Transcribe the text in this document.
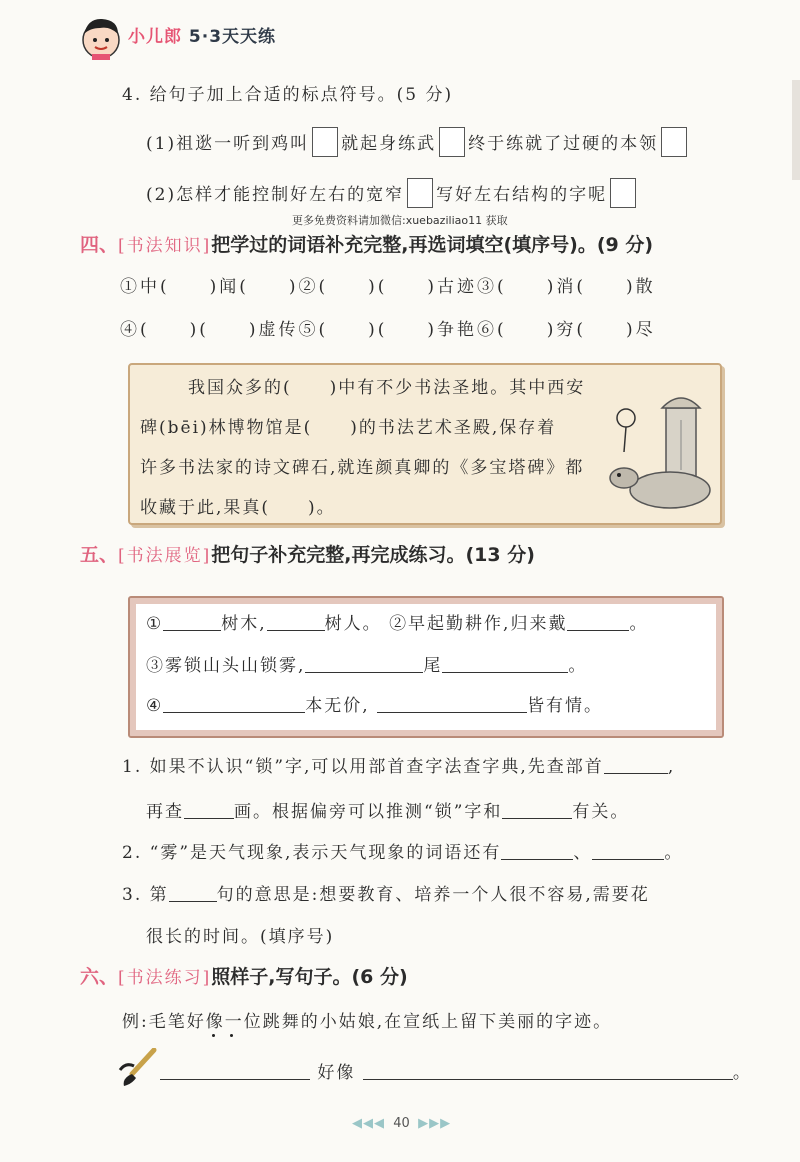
小儿郎 5·3天天练
4. 给句子加上合适的标点符号。(5 分)
(1)祖逖一听到鸡叫 就起身练武 终于练就了过硬的本领
(2)怎样才能控制好左右的宽窄 写好左右结构的字呢
更多免费资料请加微信:xuebaziliao11 获取
四、[书法知识]把学过的词语补充完整,再选词填空(填序号)。(9 分)
①中(　　)闻(　　)②(　　)(　　)古迹③(　　)消(　　)散
④(　　)(　　)虚传⑤(　　)(　　)争艳⑥(　　)穷(　　)尽
我国众多的(　　)中有不少书法圣地。其中西安
碑(bēi)林博物馆是(　　)的书法艺术圣殿,保存着
许多书法家的诗文碑石,就连颜真卿的《多宝塔碑》都
收藏于此,果真(　　)。
五、[书法展览]把句子补充完整,再完成练习。(13 分)
①	树木,	树人。 ②早起勤耕作,归来戴	。
③雾锁山头山锁雾,	尾	。
④	本无价,	皆有情。
1. 如果不认识“锁”字,可以用部首查字法查字典,先查部首	,
再查	画。根据偏旁可以推测“锁”字和	有关。
2. “雾”是天气现象,表示天气现象的词语还有	、	。
3. 第	句的意思是:想要教育、培养一个人很不容易,需要花
很长的时间。(填序号)
六、[书法练习]照样子,写句子。(6 分)
例:毛笔好像一位跳舞的小姑娘,在宣纸上留下美丽的字迹。
好像	。
◀◀◀ 40 ▶▶▶
